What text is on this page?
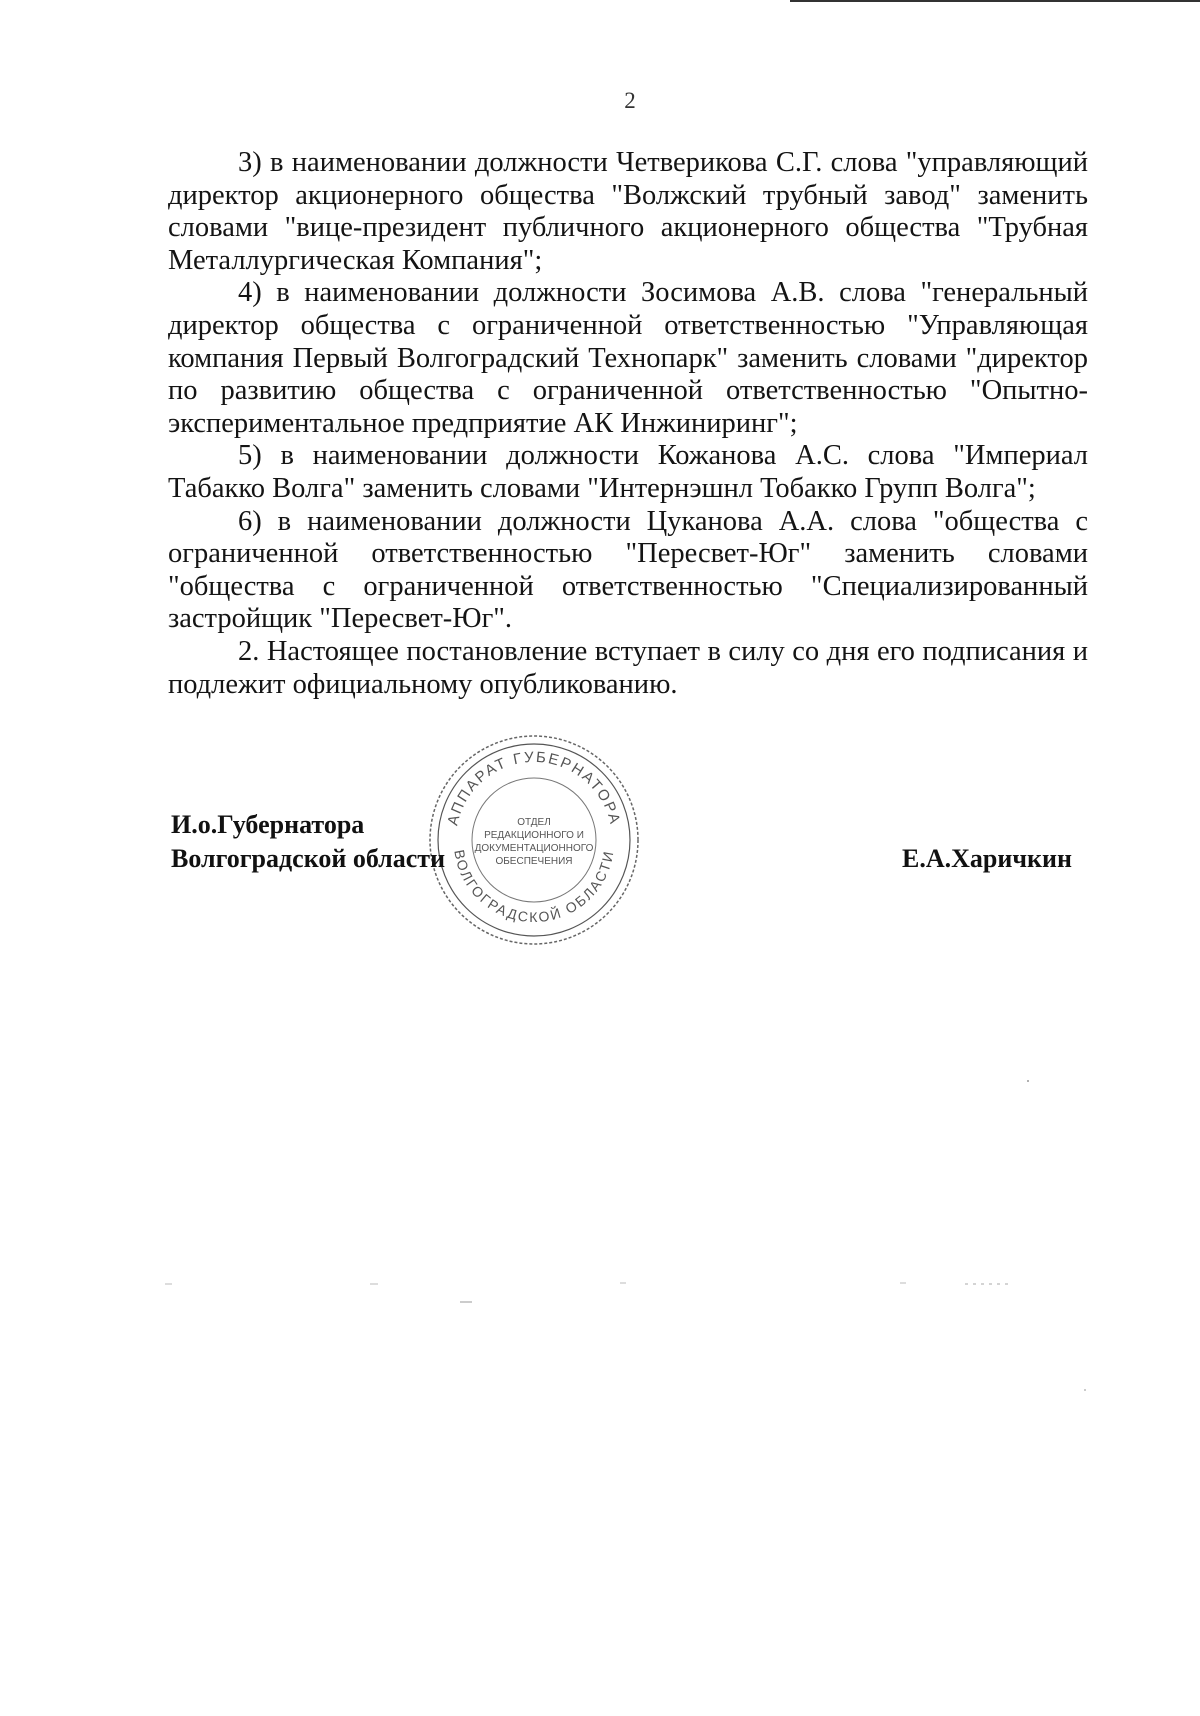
2

3) в наименовании должности Четверикова С.Г. слова "управляющий директор акционерного общества "Волжский трубный завод" заменить словами "вице-президент публичного акционерного общества "Трубная Металлургическая Компания";

4) в наименовании должности Зосимова А.В. слова "генеральный директор общества с ограниченной ответственностью "Управляющая компания Первый Волгоградский Технопарк" заменить словами "директор по развитию общества с ограниченной ответственностью "Опытно-экспериментальное предприятие АК Инжиниринг";

5) в наименовании должности Кожанова А.С. слова "Империал Табакко Волга" заменить словами "Интернэшнл Тобакко Групп Волга";

6) в наименовании должности Цуканова А.А. слова "общества с ограниченной ответственностью "Пересвет-Юг" заменить словами "общества с ограниченной ответственностью "Специализированный застройщик "Пересвет-Юг".

2. Настоящее постановление вступает в силу со дня его подписания и подлежит официальному опубликованию.

АППАРАТ ГУБЕРНАТОРА
ВОЛГОГРАДСКОЙ ОБЛАСТИ
ОТДЕЛ
РЕДАКЦИОННОГО И
ДОКУМЕНТАЦИОННОГО
ОБЕСПЕЧЕНИЯ
И.о.Губернатора
Волгоградской области	Е.А.Харичкин
